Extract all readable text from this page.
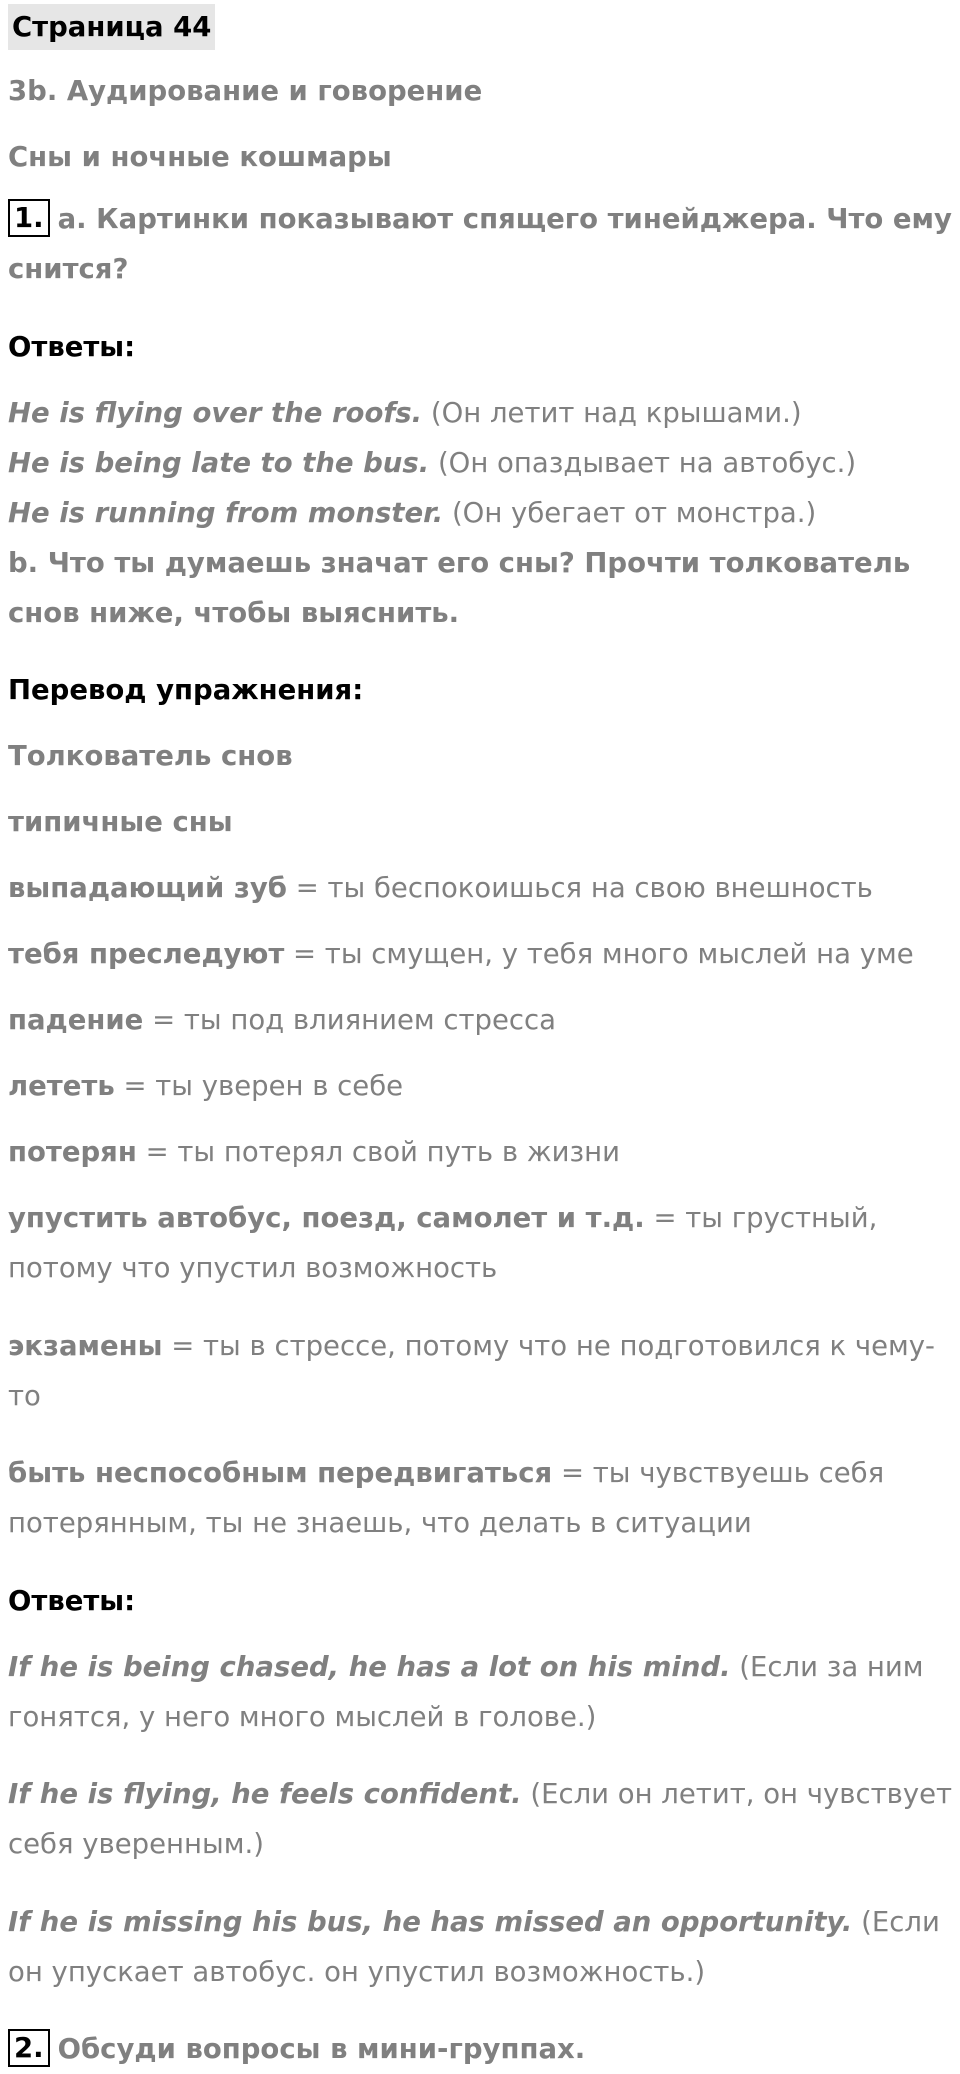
Страница 44

3b. Аудирование и говорение

Сны и ночные кошмары

1. a. Картинки показывают спящего тинейджера. Что ему снится?

Ответы:

He is flying over the roofs. (Он летит над крышами.)

He is being late to the bus. (Он опаздывает на автобус.)

He is running from monster. (Он убегает от монстра.)

b. Что ты думаешь значат его сны? Прочти толкователь снов ниже, чтобы выяснить.

Перевод упражнения:

Толкователь снов

типичные сны

выпадающий зуб = ты беспокоишься на свою внешность

тебя преследуют = ты смущен, у тебя много мыслей на уме

падение = ты под влиянием стресса

лететь = ты уверен в себе

потерян = ты потерял свой путь в жизни

упустить автобус, поезд, самолет и т.д. = ты грустный, потому что упустил возможность

экзамены = ты в стрессе, потому что не подготовился к чему-то

быть неспособным передвигаться = ты чувствуешь себя потерянным, ты не знаешь, что делать в ситуации

Ответы:

If he is being chased, he has a lot on his mind. (Если за ним гонятся, у него много мыслей в голове.)

If he is flying, he feels confident. (Если он летит, он чувствует себя уверенным.)

If he is missing his bus, he has missed an opportunity. (Если он упускает автобус. он упустил возможность.)

2. Обсуди вопросы в мини-группах.
